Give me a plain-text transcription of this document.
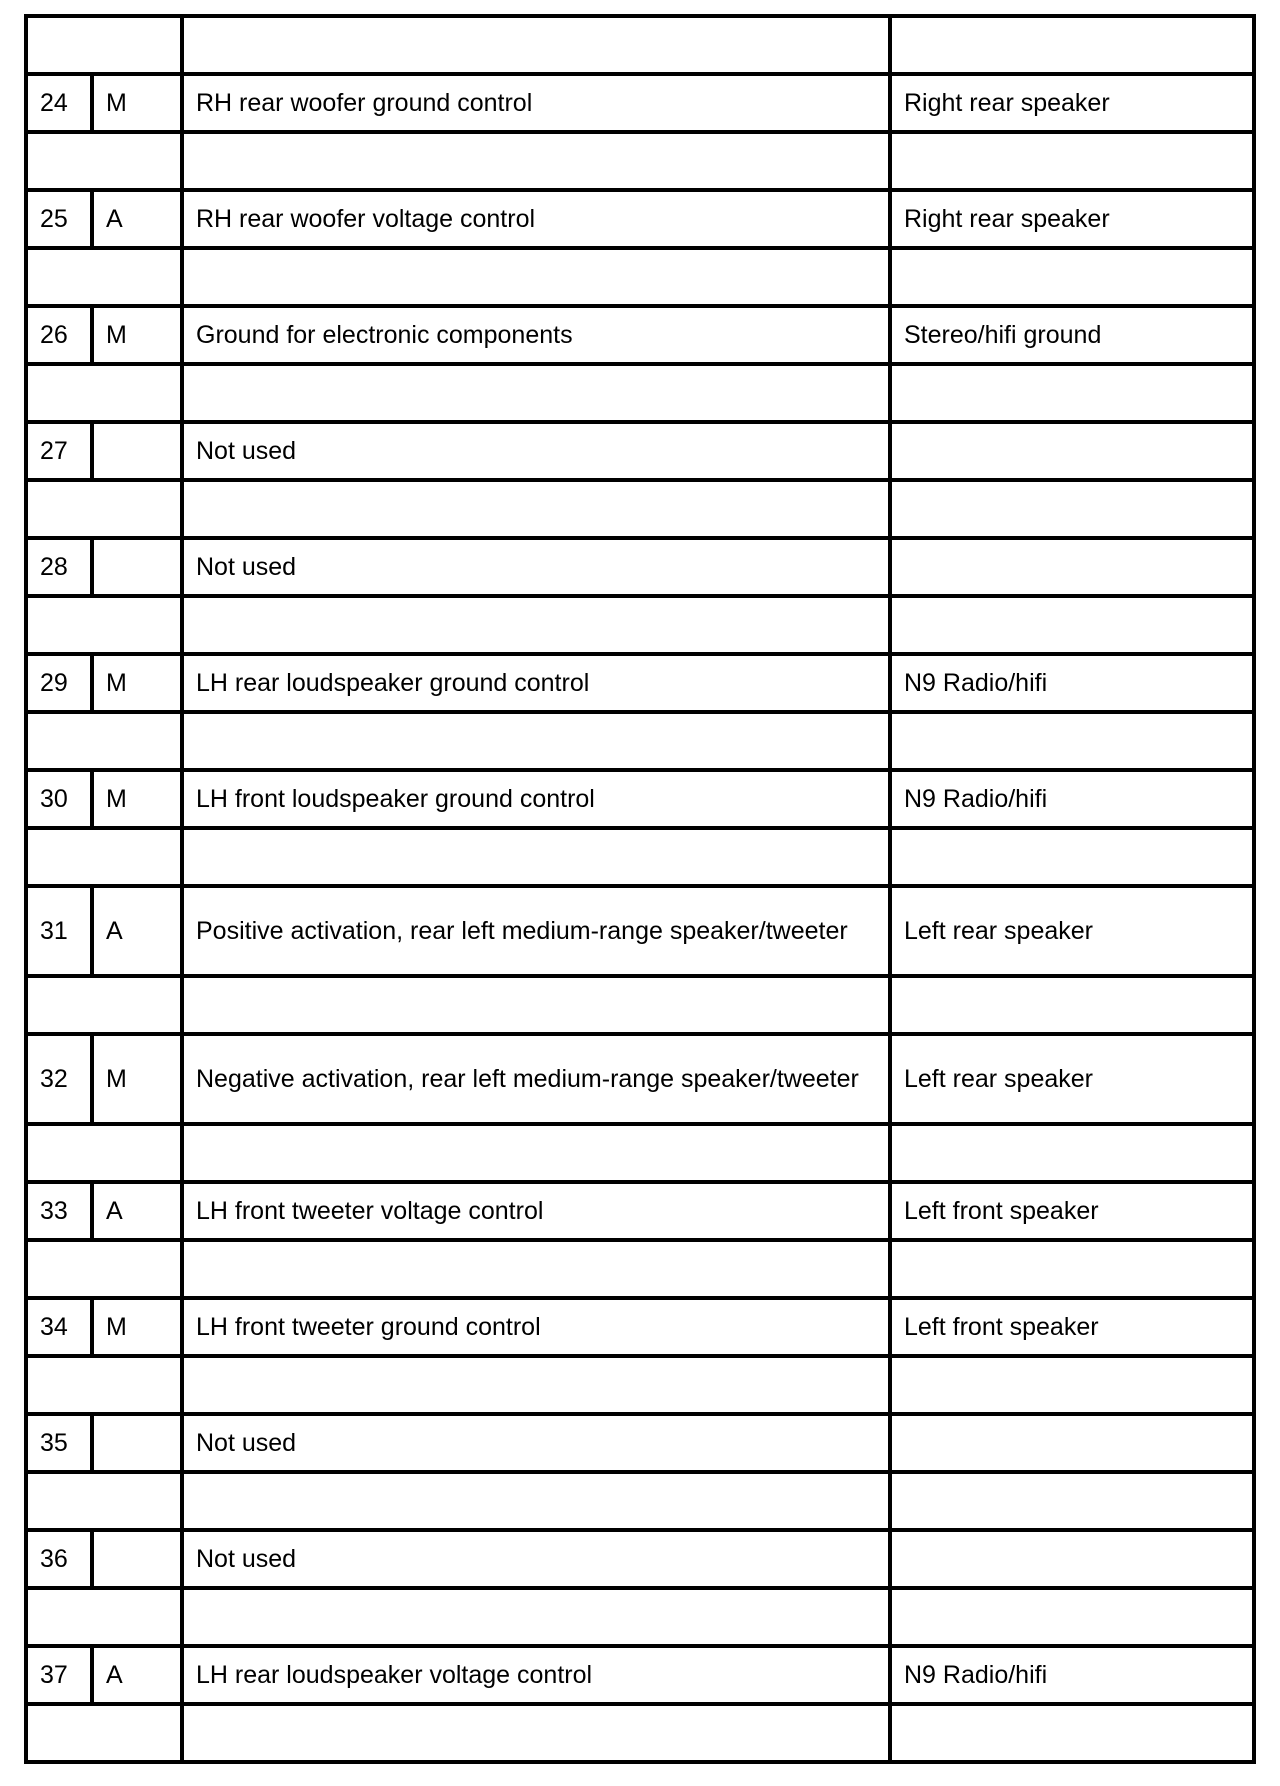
24	M	RH rear woofer ground control	Right rear speaker

25	A	RH rear woofer voltage control	Right rear speaker

26	M	Ground for electronic components	Stereo/hifi ground

27		Not used	

28		Not used	

29	M	LH rear loudspeaker ground control	N9 Radio/hifi

30	M	LH front loudspeaker ground control	N9 Radio/hifi

31	A	Positive activation, rear left medium-range speaker/tweeter	Left rear speaker

32	M	Negative activation, rear left medium-range speaker/tweeter	Left rear speaker

33	A	LH front tweeter voltage control	Left front speaker

34	M	LH front tweeter ground control	Left front speaker

35		Not used	

36		Not used	

37	A	LH rear loudspeaker voltage control	N9 Radio/hifi
